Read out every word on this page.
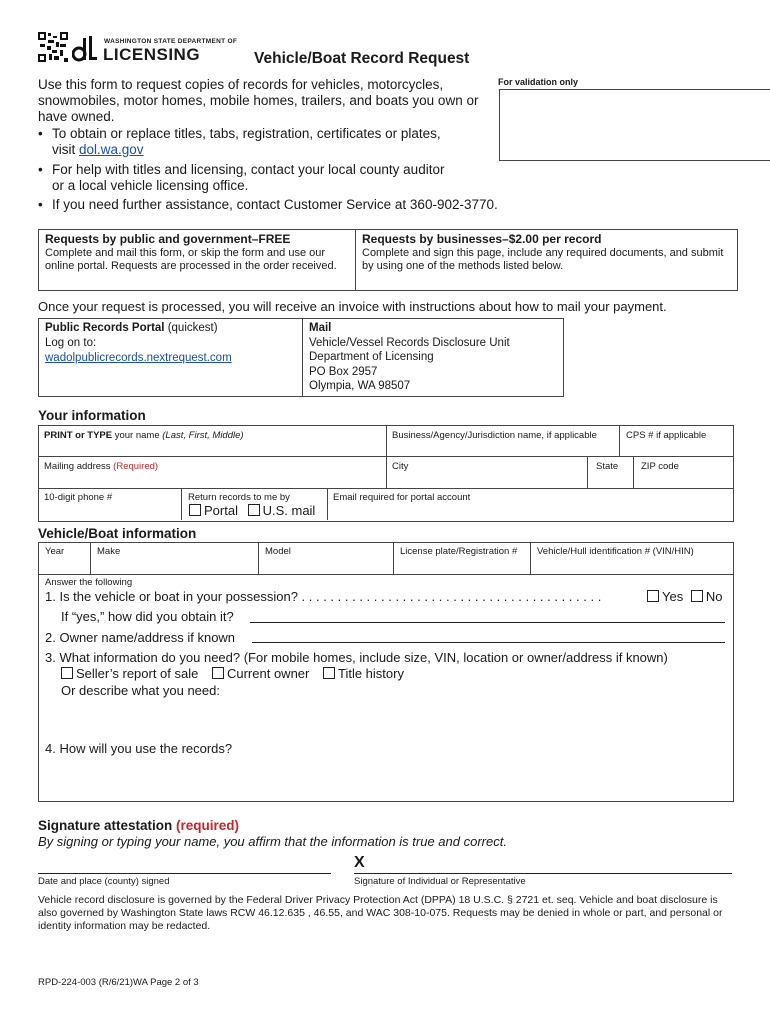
WASHINGTON STATE DEPARTMENT OF
LICENSING	Vehicle/Boat Record Request
For validation only
Use this form to request copies of records for vehicles, motorcycles, snowmobiles, motor homes, mobile homes, trailers, and boats you own or have owned.
• To obtain or replace titles, tabs, registration, certificates or plates,
visit dol.wa.gov
• For help with titles and licensing, contact your local county auditor
or a local vehicle licensing office.
• If you need further assistance, contact Customer Service at 360-902-3770.
Requests by public and government–FREE
Complete and mail this form, or skip the form and use our online portal. Requests are processed in the order received.
Requests by businesses–$2.00 per record
Complete and sign this page, include any required documents, and submit by using one of the methods listed below.
Once your request is processed, you will receive an invoice with instructions about how to mail your payment.
Public Records Portal (quickest)
Log on to:
wadolpublicrecords.nextrequest.com
Mail
Vehicle/Vessel Records Disclosure Unit
Department of Licensing
PO Box 2957
Olympia, WA 98507
Your information
PRINT or TYPE your name (Last, First, Middle)	Business/Agency/Jurisdiction name, if applicable	CPS # if applicable
Mailing address (Required)	City	State ZIP code
10-digit phone #	Return records to me by
Portal U.S. mail
Email required for portal account
Vehicle/Boat information
Year	Make	Model	License plate/Registration # Vehicle/Hull identification # (VIN/HIN)
Answer the following
1. Is the vehicle or boat in your possession? . . . . . . . . . . . . . . . . . . . . . . . . . . . . . . . . . . . . . . . . . .	Yes No
If “yes,” how did you obtain it?
2. Owner name/address if known
3. What information do you need? (For mobile homes, include size, VIN, location or owner/address if known)
Seller’s report of sale Current owner Title history
Or describe what you need:
4. How will you use the records?
Signature attestation (required)
By signing or typing your name, you affirm that the information is true and correct.
X
Date and place (county) signed	Signature of Individual or Representative
Vehicle record disclosure is governed by the Federal Driver Privacy Protection Act (DPPA) 18 U.S.C. § 2721 et. seq. Vehicle and boat disclosure is also governed by Washington State laws RCW 46.12.635 , 46.55, and WAC 308-10-075. Requests may be denied in whole or part, and personal or identity information may be redacted.
RPD-224-003 (R/6/21)WA Page 2 of 3
